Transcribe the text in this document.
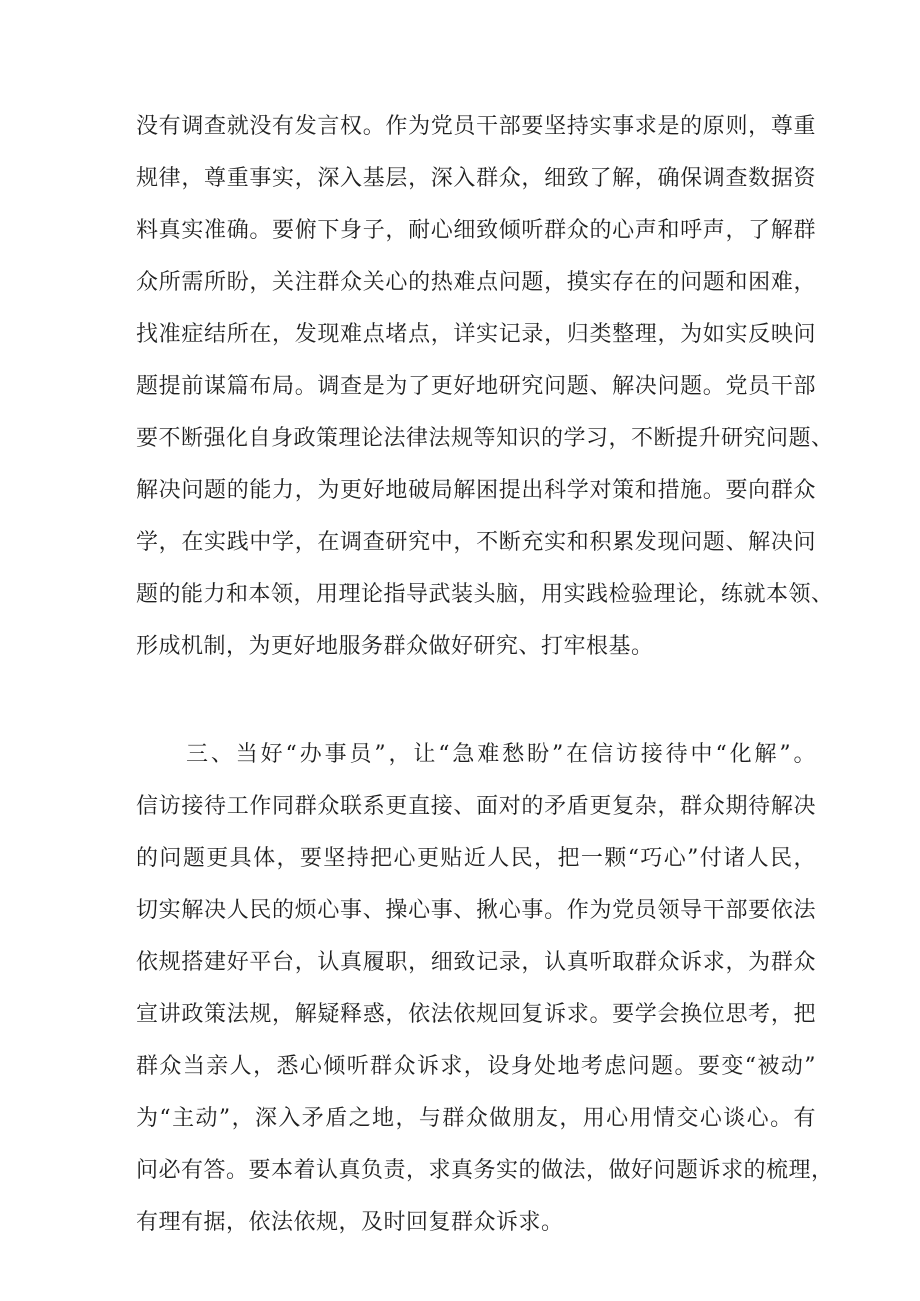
没有调查就没有发言权。作为党员干部要坚持实事求是的原则，尊重
规律，尊重事实，深入基层，深入群众，细致了解，确保调查数据资
料真实准确。要俯下身子，耐心细致倾听群众的心声和呼声，了解群
众所需所盼，关注群众关心的热难点问题，摸实存在的问题和困难，
找准症结所在，发现难点堵点，详实记录，归类整理，为如实反映问
题提前谋篇布局。调查是为了更好地研究问题、解决问题。党员干部
要不断强化自身政策理论法律法规等知识的学习，不断提升研究问题、
解决问题的能力，为更好地破局解困提出科学对策和措施。要向群众
学，在实践中学，在调查研究中，不断充实和积累发现问题、解决问
题的能力和本领，用理论指导武装头脑，用实践检验理论，练就本领、
形成机制，为更好地服务群众做好研究、打牢根基。
三、当好“办事员”，让“急难愁盼”在信访接待中“化解”。
信访接待工作同群众联系更直接、面对的矛盾更复杂，群众期待解决
的问题更具体，要坚持把心更贴近人民，把一颗“巧心”付诸人民，
切实解决人民的烦心事、操心事、揪心事。作为党员领导干部要依法
依规搭建好平台，认真履职，细致记录，认真听取群众诉求，为群众
宣讲政策法规，解疑释惑，依法依规回复诉求。要学会换位思考，把
群众当亲人，悉心倾听群众诉求，设身处地考虑问题。要变“被动”
为“主动”，深入矛盾之地，与群众做朋友，用心用情交心谈心。有
问必有答。要本着认真负责，求真务实的做法，做好问题诉求的梳理，
有理有据，依法依规，及时回复群众诉求。
